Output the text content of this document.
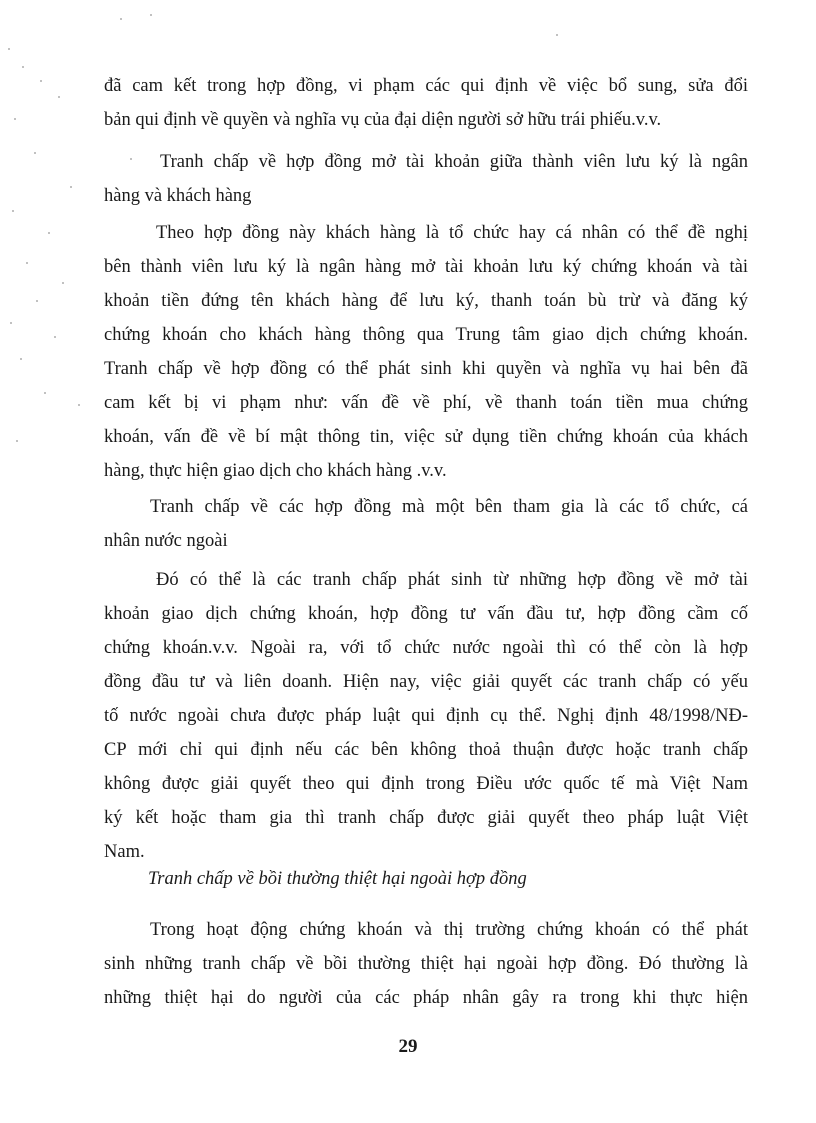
đã cam kết trong hợp đồng, vi phạm các qui định về việc bổ sung, sửa đổi
bản qui định về quyền và nghĩa vụ của đại diện người sở hữu trái phiếu.v.v.
Tranh chấp về hợp đồng mở tài khoản giữa thành viên lưu ký là ngân
hàng và khách hàng
Theo hợp đồng này khách hàng là tổ chức hay cá nhân có thể đề nghị
bên thành viên lưu ký là ngân hàng mở tài khoản lưu ký chứng khoán và tài
khoản tiền đứng tên khách hàng để lưu ký, thanh toán bù trừ và đăng ký
chứng khoán cho khách hàng thông qua Trung tâm giao dịch chứng khoán.
Tranh chấp về hợp đồng có thể phát sinh khi quyền và nghĩa vụ hai bên đã
cam kết bị vi phạm như: vấn đề về phí, về thanh toán tiền mua chứng
khoán, vấn đề về bí mật thông tin, việc sử dụng tiền chứng khoán của khách
hàng, thực hiện giao dịch cho khách hàng .v.v.
Tranh chấp về các hợp đồng mà một bên tham gia là các tổ chức, cá
nhân nước ngoài
Đó có thể là các tranh chấp phát sinh từ những hợp đồng về mở tài
khoản giao dịch chứng khoán, hợp đồng tư vấn đầu tư, hợp đồng cầm cố
chứng khoán.v.v. Ngoài ra, với tổ chức nước ngoài thì có thể còn là hợp
đồng đầu tư và liên doanh. Hiện nay, việc giải quyết các tranh chấp có yếu
tố nước ngoài chưa được pháp luật qui định cụ thể. Nghị định 48/1998/NĐ-
CP mới chỉ qui định nếu các bên không thoả thuận được hoặc tranh chấp
không được giải quyết theo qui định trong Điều ước quốc tế mà Việt Nam
ký kết hoặc tham gia thì tranh chấp được giải quyết theo pháp luật Việt
Nam.
Tranh chấp về bồi thường thiệt hại ngoài hợp đồng
Trong hoạt động chứng khoán và thị trường chứng khoán có thể phát
sinh những tranh chấp về bồi thường thiệt hại ngoài hợp đồng. Đó thường là
những thiệt hại do người của các pháp nhân gây ra trong khi thực hiện
29
